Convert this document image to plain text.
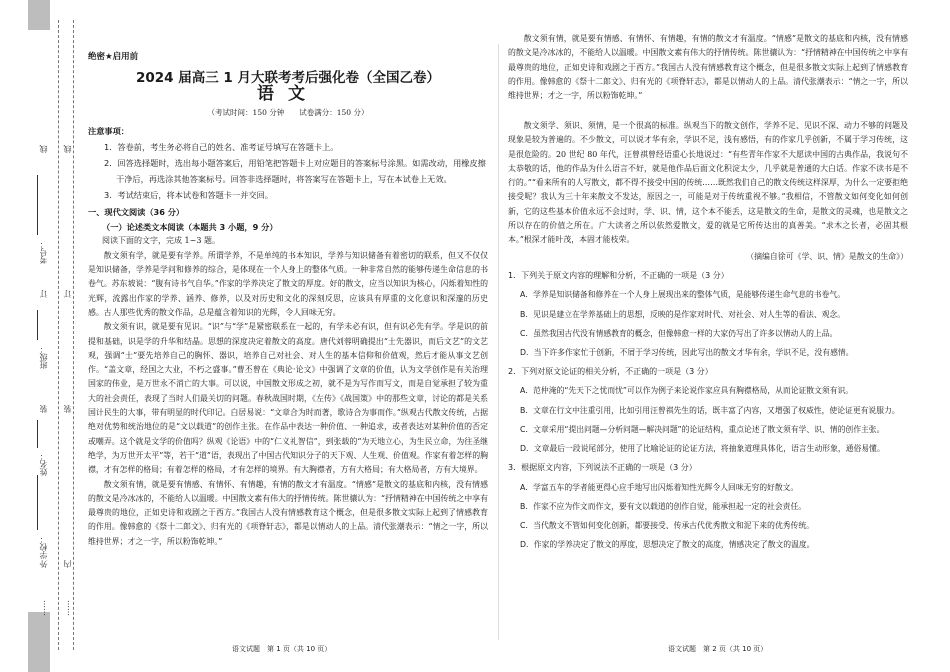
线
线
考号：
订
订
班级：
装
装
姓名：
学校：
外 内
…… ……
绝密★启用前
2024 届高三 1 月大联考考后强化卷（全国乙卷）
语文
（考试时间：150 分钟　　试卷满分：150 分）
注意事项：
1．答卷前，考生务必将自己的姓名、准考证号填写在答题卡上。
2．回答选择题时，选出每小题答案后，用铅笔把答题卡上对应题目的答案标号涂黑。如需改动，用橡皮擦干净后，再选涂其他答案标号。回答非选择题时，将答案写在答题卡上，写在本试卷上无效。
3．考试结束后，将本试卷和答题卡一并交回。
一、现代文阅读（36 分）
（一）论述类文本阅读（本题共 3 小题，9 分）
阅读下面的文字，完成 1~3 题。
散文须有学，就是要有学养。所谓学养，不是单纯的书本知识，学养与知识储备有着密切的联系，但又不仅仅是知识储备，学养是学问和修养的综合，是体现在一个人身上的整体气质。一种非常自然的能够传递生命信息的书卷气。苏东坡说：“腹有诗书气自华。”作家的学养决定了散文的厚度。好的散文，应当以知识为核心，闪烁着知性的光辉，流露出作家的学养、涵养、修养，以及对历史和文化的深刻反思，应该具有厚重的文化意识和深邃的历史感。古人那些优秀的散文作品，总是蕴含着知识的光辉，令人回味无穷。
散文须有识，就是要有见识。“识”与“学”是紧密联系在一起的，有学未必有识，但有识必先有学。学是识的前提和基础，识是学的升华和结晶。思想的深度决定着散文的高度。唐代刘蓉明确提出“士先器识，而后文艺”的文艺观，强调“士”要先培养自己的胸怀、器识，培养自己对社会、对人生的基本信仰和价值观，然后才能从事文艺创作。“盖文章，经国之大业，不朽之盛事。”曹丕曾在《典论·论文》中强调了文章的价值，认为文学创作是有关治理国家的伟业，是万世永不消亡的大事。可以说，中国散文形成之初，就不是为写作而写文，而是自觉承担了较为重大的社会责任，表现了当时人们最关切的问题。春秋战国时期，《左传》《战国策》中的那些文章，讨论的都是关系国计民生的大事，带有明显的时代印记。白居易说：“文章合为时而著，歌诗合为事而作。”纵观古代散文传统，占据绝对优势和统治地位的是“文以载道”的创作主张。在作品中表达一种价值、一种追求，或者表达对某种价值的否定或嘲弄。这个就是文学的价值吗？纵观《论语》中的“仁义礼智信”，到张载的“为天地立心，为生民立命，为往圣继绝学，为万世开太平”等，若干“道”语，表现出了中国古代知识分子的天下观、人生观、价值观。作家有着怎样的胸襟，才有怎样的格局；有着怎样的格局，才有怎样的境界。有大胸襟者，方有大格局；有大格局者，方有大境界。
散文须有情，就是要有情感、有情怀、有情趣，有情的散文才有温度。“情感”是散文的基底和内核，没有情感的散文是冷冰冰的，不能给人以温暖。中国散文素有伟大的抒情传统。陈世骧认为：“抒情精神在中国传统之中享有最尊贵的地位，正如史诗和戏剧之于西方。”我国古人没有情感教育这个概念，但是很多散文实际上起到了情感教育的作用。像韩愈的《祭十二郎文》、归有光的《项脊轩志》，都是以情动人的上品。清代张潮表示：“情之一字，所以维持世界；才之一字，所以粉饰乾坤。”
散文须有情，就是要有情感、有情怀、有情趣，有情的散文才有温度。“情感”是散文的基底和内核，没有情感的散文是冷冰冰的，不能给人以温暖。中国散文素有伟大的抒情传统。陈世骧认为：“抒情精神在中国传统之中享有最尊贵的地位，正如史诗和戏剧之于西方。”我国古人没有情感教育这个概念，但是很多散文实际上起到了情感教育的作用。像韩愈的《祭十二郎文》、归有光的《项脊轩志》，都是以情动人的上品。清代张潮表示：“情之一字，所以维持世界；才之一字，所以粉饰乾坤。”
散文须学、须识、须情，是一个很高的标准。纵观当下的散文创作，学养不足、见识不深、动力不够的问题及现象是较为普遍的。不少散文，可以说才华有余，学识不足，浅有感悟，有的作家几乎创新，不属于学习传统，这是很危险的。20 世纪 80 年代，汪曾祺曾经语重心长地说过：“有些青年作家不大愿读中国的古典作品，我说句不太恭敬的话，他的作品为什么语言不好，就是他作品后面文化积淀太少，几乎就是普通的大白话。作家不读书是不行的。”“看来所有的人写散文，都不得不接受中国的传统……既然我们自己的散文传统这样深厚，为什么一定要拒绝接受呢？我认为三十年来散文不发达，原因之一，可能是对于传统重视不够。”我相信，不管散文如何变化如何创新，它的这些基本价值永远不会过时，学、识、情，这个本不能丢，这是散文的生命，是散文的灵魂，也是散文之所以存在的价值之所在。广大读者之所以依然爱散文，爱的就是它所传达出的真善美。“求木之长者，必固其根本。”根深才能叶茂，本固才能枝荣。
（摘编自徐可《学、识、情》是散文的生命》）
1．下列关于原文内容的理解和分析，不正确的一项是（3 分）
A．学养是知识储备和修养在一个人身上展现出来的整体气质，是能够传递生命气息的书卷气。
B．见识是建立在学养基础上的思想，反映的是作家对时代、对社会、对人生等的看法、观念。
C．虽然我国古代没有情感教育的概念，但像韩愈一样的大家仍写出了许多以情动人的上品。
D．当下许多作家忙于创新，不屑于学习传统，因此写出的散文才华有余，学识不足，没有感情。
2．下列对原文论证的相关分析，不正确的一项是（3 分）
A．范仲淹的“先天下之忧而忧”可以作为例子来论说作家应具有胸襟格局，从而论证散文须有识。
B．文章在行文中注重引用，比如引用汪曾祺先生的话，既丰富了内容，又增强了权威性，使论证更有说服力。
C．文章采用“提出问题—分析问题—解决问题”的论证结构，重点论述了散文须有学、识、情的创作主张。
D．文章最后一段说尾部分，使用了比喻论证的论证方法，将抽象道理具体化，语言生动形象，通俗易懂。
3．根据原文内容，下列说法不正确的一项是（3 分）
A．学富五车的学者能更得心应手地写出闪烁着知性光辉令人回味无穷的好散文。
B．作家不应为作文而作文，要有文以载道的创作自觉，能承担起一定的社会责任。
C．当代散文不管如何变化创新，都要接受、传承古代优秀散文和泥下来的优秀传统。
D．作家的学养决定了散文的厚度，思想决定了散文的高度，情感决定了散文的温度。
语文试题　第 1 页（共 10 页）	语文试题　第 2 页（共 10 页）
